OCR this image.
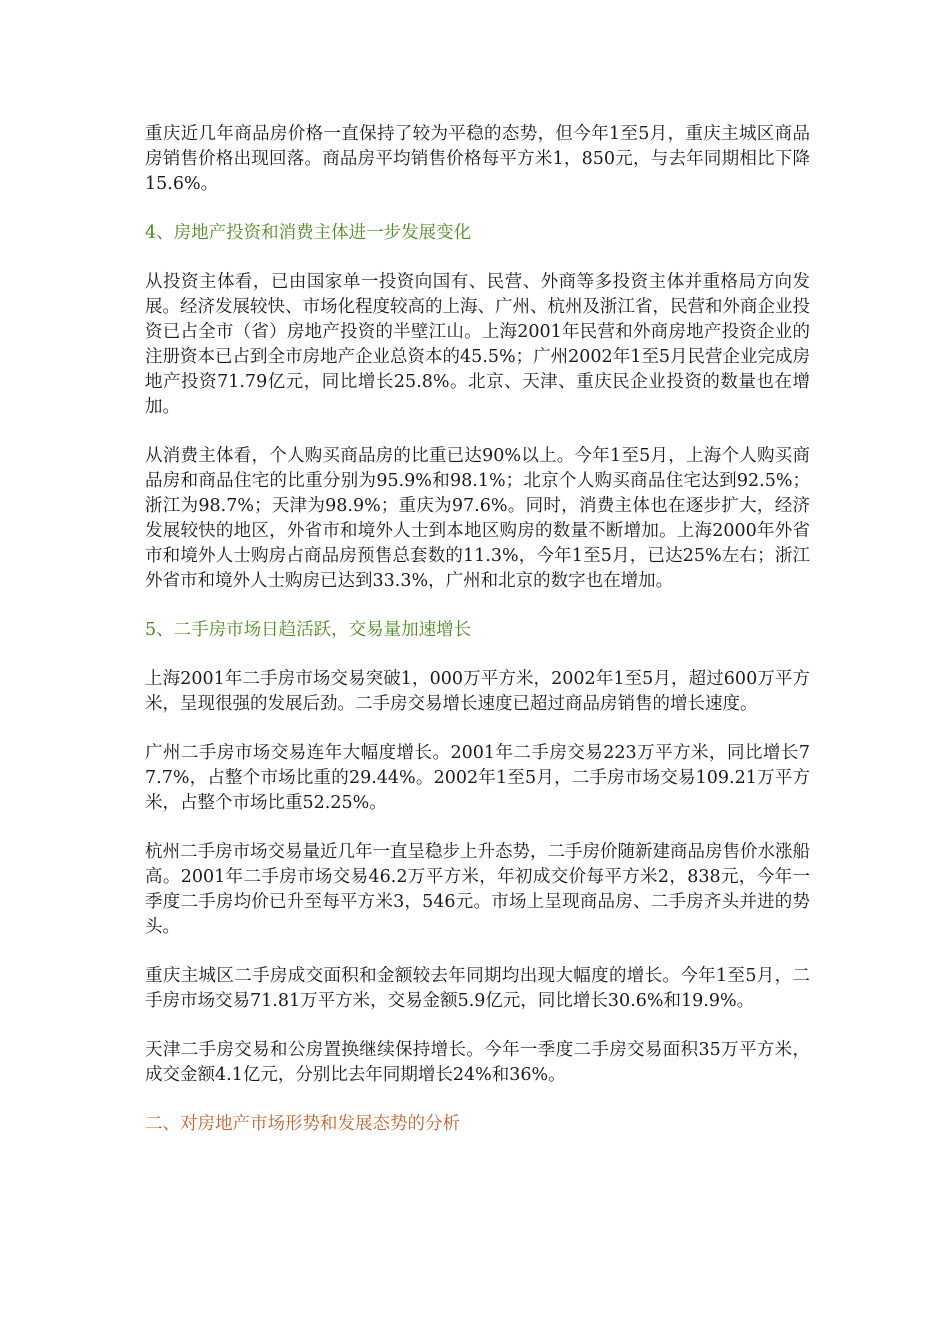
重庆近几年商品房价格一直保持了较为平稳的态势，但今年1至5月，重庆主城区商品房销售价格出现回落。商品房平均销售价格每平方米1，850元，与去年同期相比下降15.6%。

4、房地产投资和消费主体进一步发展变化

从投资主体看，已由国家单一投资向国有、民营、外商等多投资主体并重格局方向发展。经济发展较快、市场化程度较高的上海、广州、杭州及浙江省，民营和外商企业投资已占全市（省）房地产投资的半壁江山。上海2001年民营和外商房地产投资企业的注册资本已占到全市房地产企业总资本的45.5%；广州2002年1至5月民营企业完成房地产投资71.79亿元，同比增长25.8%。北京、天津、重庆民企业投资的数量也在增加。

从消费主体看，个人购买商品房的比重已达90%以上。今年1至5月，上海个人购买商品房和商品住宅的比重分别为95.9%和98.1%；北京个人购买商品住宅达到92.5%；浙江为98.7%；天津为98.9%；重庆为97.6%。同时，消费主体也在逐步扩大，经济发展较快的地区，外省市和境外人士到本地区购房的数量不断增加。上海2000年外省市和境外人士购房占商品房预售总套数的11.3%，今年1至5月，已达25%左右；浙江外省市和境外人士购房已达到33.3%，广州和北京的数字也在增加。

5、二手房市场日趋活跃，交易量加速增长

上海2001年二手房市场交易突破1，000万平方米，2002年1至5月，超过600万平方米，呈现很强的发展后劲。二手房交易增长速度已超过商品房销售的增长速度。

广州二手房市场交易连年大幅度增长。2001年二手房交易223万平方米，同比增长77.7%，占整个市场比重的29.44%。2002年1至5月，二手房市场交易109.21万平方米，占整个市场比重52.25%。

杭州二手房市场交易量近几年一直呈稳步上升态势，二手房价随新建商品房售价水涨船高。2001年二手房市场交易46.2万平方米，年初成交价每平方米2，838元，今年一季度二手房均价已升至每平方米3，546元。市场上呈现商品房、二手房齐头并进的势头。

重庆主城区二手房成交面积和金额较去年同期均出现大幅度的增长。今年1至5月，二手房市场交易71.81万平方米，交易金额5.9亿元，同比增长30.6%和19.9%。

天津二手房交易和公房置换继续保持增长。今年一季度二手房交易面积35万平方米，成交金额4.1亿元，分别比去年同期增长24%和36%。

二、对房地产市场形势和发展态势的分析
